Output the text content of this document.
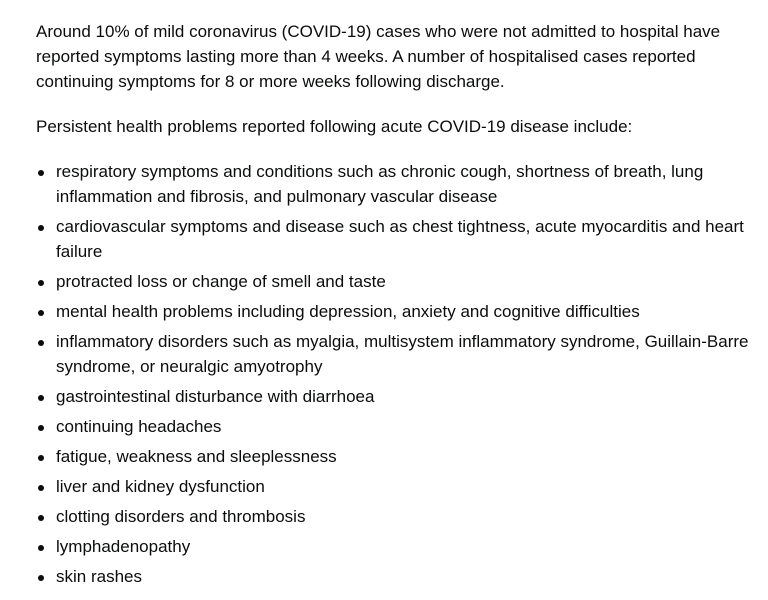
Around 10% of mild coronavirus (COVID-19) cases who were not admitted to hospital have reported symptoms lasting more than 4 weeks. A number of hospitalised cases reported continuing symptoms for 8 or more weeks following discharge.

Persistent health problems reported following acute COVID-19 disease include:

respiratory symptoms and conditions such as chronic cough, shortness of breath, lung inflammation and fibrosis, and pulmonary vascular disease
cardiovascular symptoms and disease such as chest tightness, acute myocarditis and heart failure
protracted loss or change of smell and taste
mental health problems including depression, anxiety and cognitive difficulties
inflammatory disorders such as myalgia, multisystem inflammatory syndrome, Guillain-Barre syndrome, or neuralgic amyotrophy
gastrointestinal disturbance with diarrhoea
continuing headaches
fatigue, weakness and sleeplessness
liver and kidney dysfunction
clotting disorders and thrombosis
lymphadenopathy
skin rashes
